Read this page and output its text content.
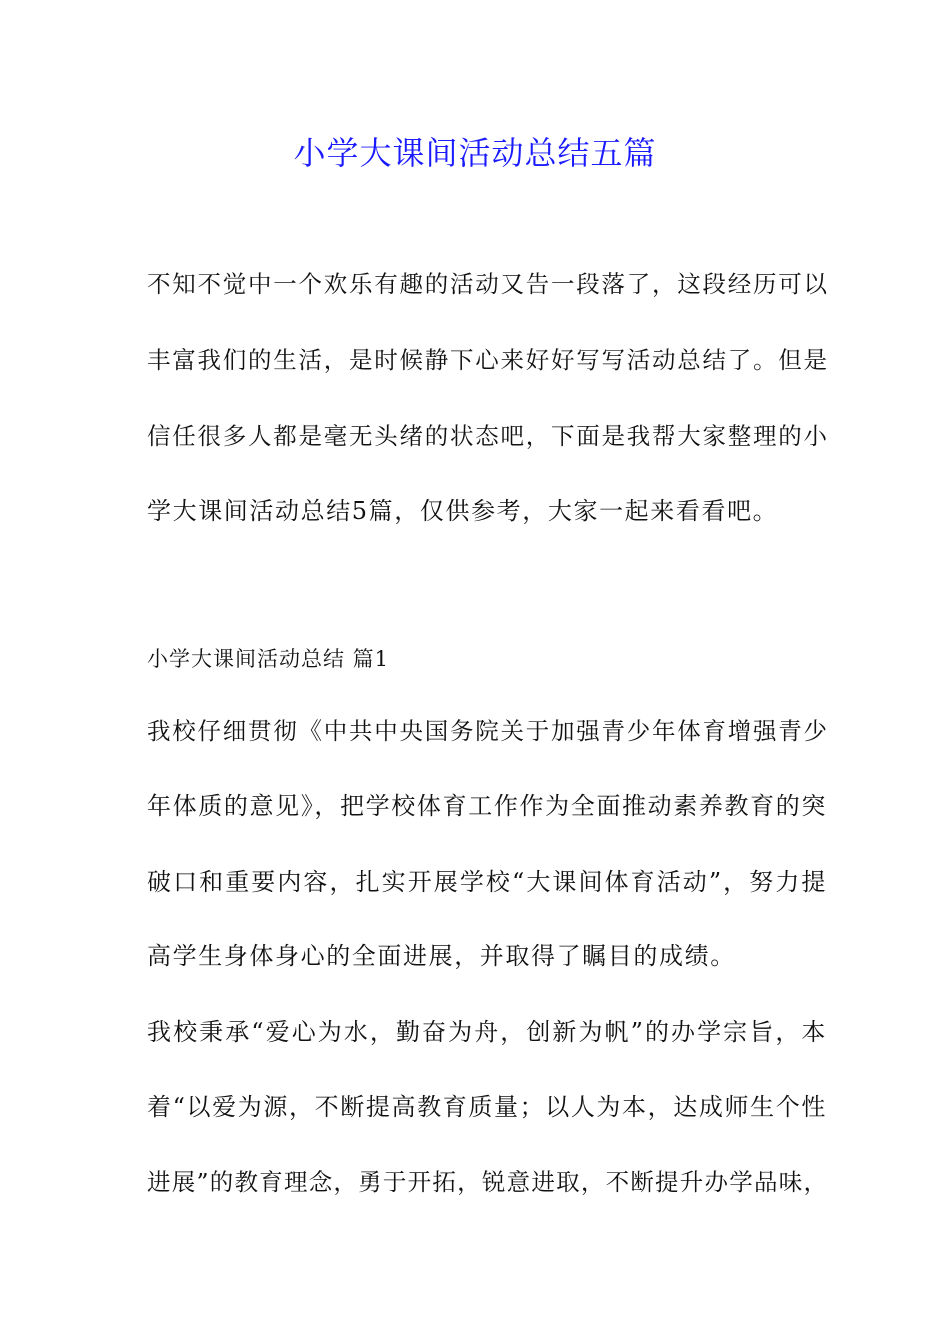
小学大课间活动总结五篇
不知不觉中一个欢乐有趣的活动又告一段落了，这段经历可以
丰富我们的生活，是时候静下心来好好写写活动总结了。但是
信任很多人都是毫无头绪的状态吧，下面是我帮大家整理的小
学大课间活动总结5篇，仅供参考，大家一起来看看吧。
小学大课间活动总结 篇1
我校仔细贯彻《中共中央国务院关于加强青少年体育增强青少
年体质的意见》，把学校体育工作作为全面推动素养教育的突
破口和重要内容，扎实开展学校“大课间体育活动”，努力提
高学生身体身心的全面进展，并取得了瞩目的成绩。
我校秉承“爱心为水，勤奋为舟，创新为帆”的办学宗旨，本
着“以爱为源，不断提高教育质量；以人为本，达成师生个性
进展”的教育理念，勇于开拓，锐意进取，不断提升办学品味，
